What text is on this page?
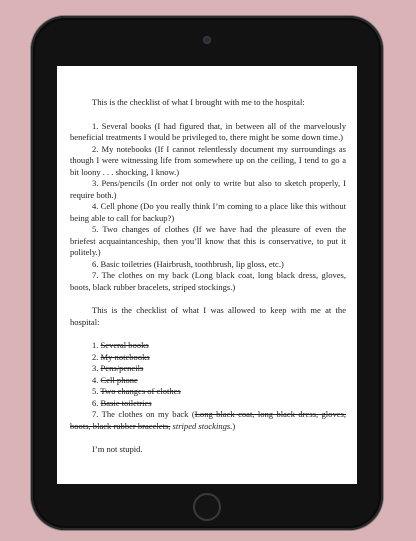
This is the checklist of what I brought with me to the hospital:

1. Several books (I had figured that, in between all of the marvelously beneficial treatments I would be privileged to, there might be some down time.)

2. My notebooks (If I cannot relentlessly document my surroundings as though I were witnessing life from somewhere up on the ceiling, I tend to go a bit loony . . . shocking, I know.)

3. Pens/pencils (In order not only to write but also to sketch properly, I require both.)

4. Cell phone (Do you really think I’m coming to a place like this without being able to call for backup?)

5. Two changes of clothes (If we have had the pleasure of even the briefest acquaintanceship, then you’ll know that this is conservative, to put it politely.)

6. Basic toiletries (Hairbrush, toothbrush, lip gloss, etc.)

7. The clothes on my back (Long black coat, long black dress, gloves, boots, black rubber bracelets, striped stockings.)

This is the checklist of what I was allowed to keep with me at the hospital:

1. Several books

2. My notebooks

3. Pens/pencils

4. Cell phone

5. Two changes of clothes

6. Basic toiletries

7. The clothes on my back (Long black coat, long black dress, gloves, boots, black rubber bracelets, striped stockings.)

I’m not stupid.
